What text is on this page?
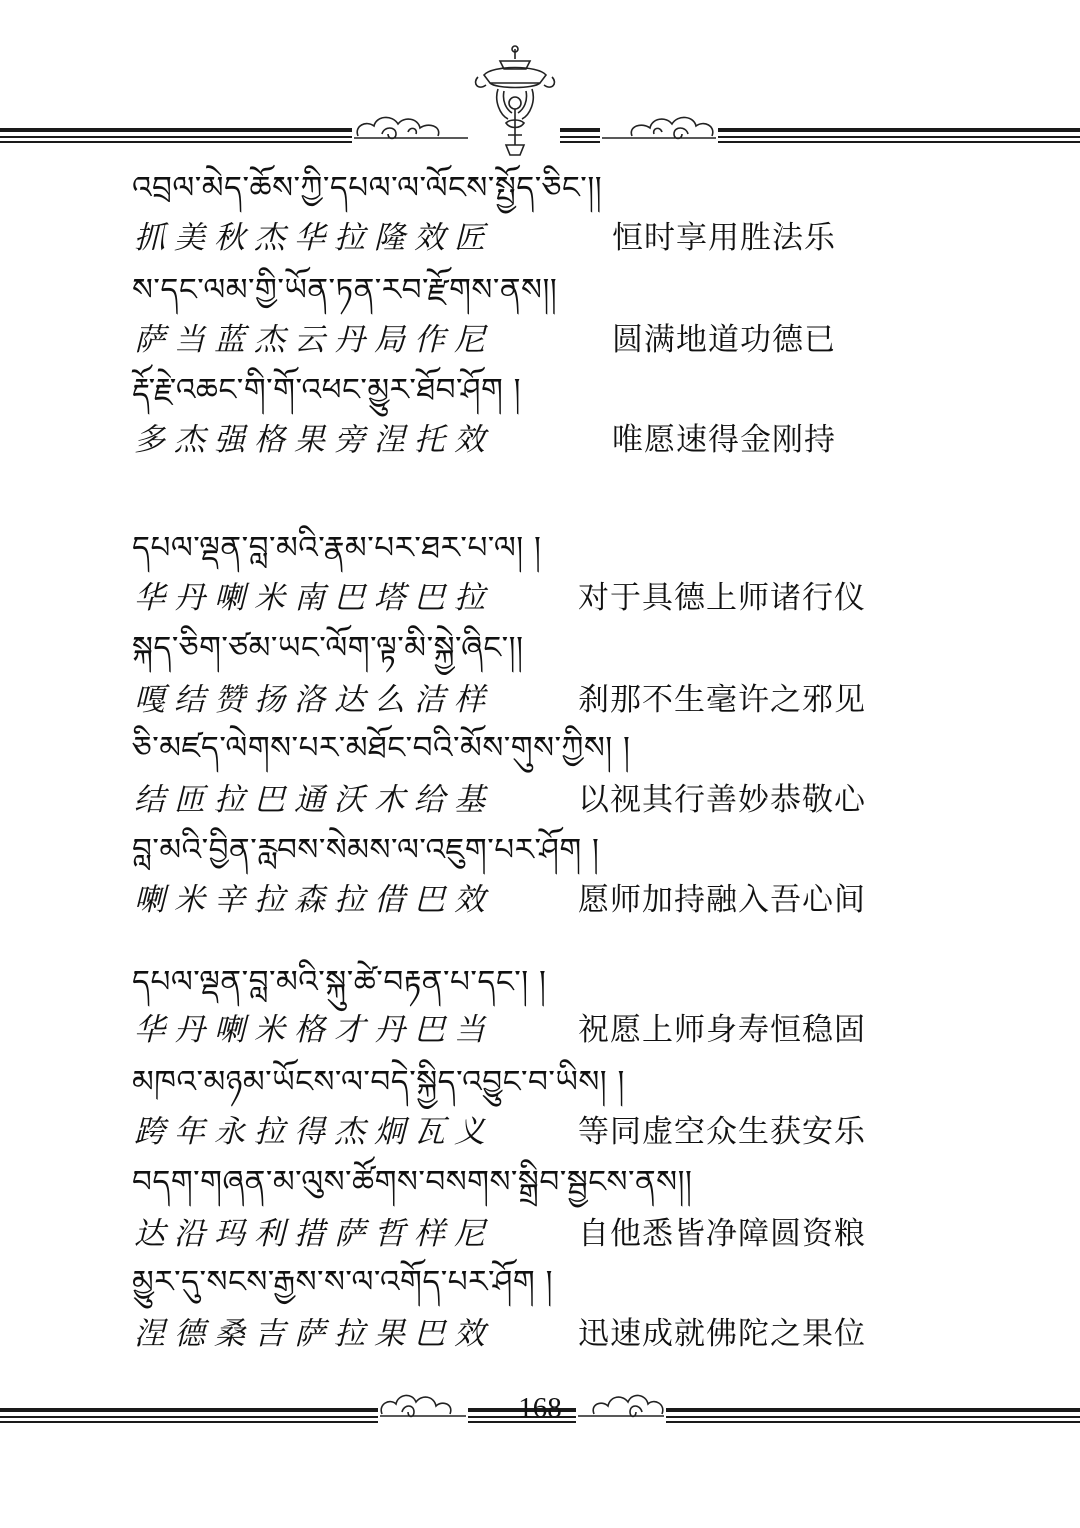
འབྲལ་མེད་ཆོས་ཀྱི་དཔལ་ལ་ལོངས་སྤྱོད་ཅིང་།།
抓美秋杰华拉隆效匠	恒时享用胜法乐
ས་དང་ལམ་གྱི་ཡོན་ཏན་རབ་རྫོགས་ནས།།
萨当蓝杰云丹局作尼	圆满地道功德已
རྡོ་རྗེ་འཆང་གི་གོ་འཕང་མྱུར་ཐོབ་ཤོག །
多杰强格果旁涅托效	唯愿速得金刚持
དཔལ་ལྡན་བླ་མའི་རྣམ་པར་ཐར་པ་ལ། །
华丹喇米南巴塔巴拉	对于具德上师诸行仪
སྐད་ཅིག་ཙམ་ཡང་ལོག་ལྟ་མི་སྐྱེ་ཞིང་།།
嘎结赞扬洛达么洁样	刹那不生毫许之邪见
ཅི་མཛད་ལེགས་པར་མཐོང་བའི་མོས་གུས་ཀྱིས། །
结匝拉巴通沃木给基	以视其行善妙恭敬心
བླ་མའི་བྱིན་རླབས་སེམས་ལ་འཇུག་པར་ཤོག །
喇米辛拉森拉借巴效	愿师加持融入吾心间
དཔལ་ལྡན་བླ་མའི་སྐུ་ཚེ་བརྟན་པ་དང་། །
华丹喇米格才丹巴当	祝愿上师身寿恒稳固
མཁའ་མཉམ་ཡོངས་ལ་བདེ་སྐྱིད་འབྱུང་བ་ཡིས། །
跨年永拉得杰炯瓦义	等同虚空众生获安乐
བདག་གཞན་མ་ལུས་ཚོགས་བསགས་སྒྲིབ་སྦྱངས་ནས།།
达沿玛利措萨哲样尼	自他悉皆净障圆资粮
མྱུར་དུ་སངས་རྒྱས་ས་ལ་འགོད་པར་ཤོག །
涅德桑吉萨拉果巴效	迅速成就佛陀之果位
168
